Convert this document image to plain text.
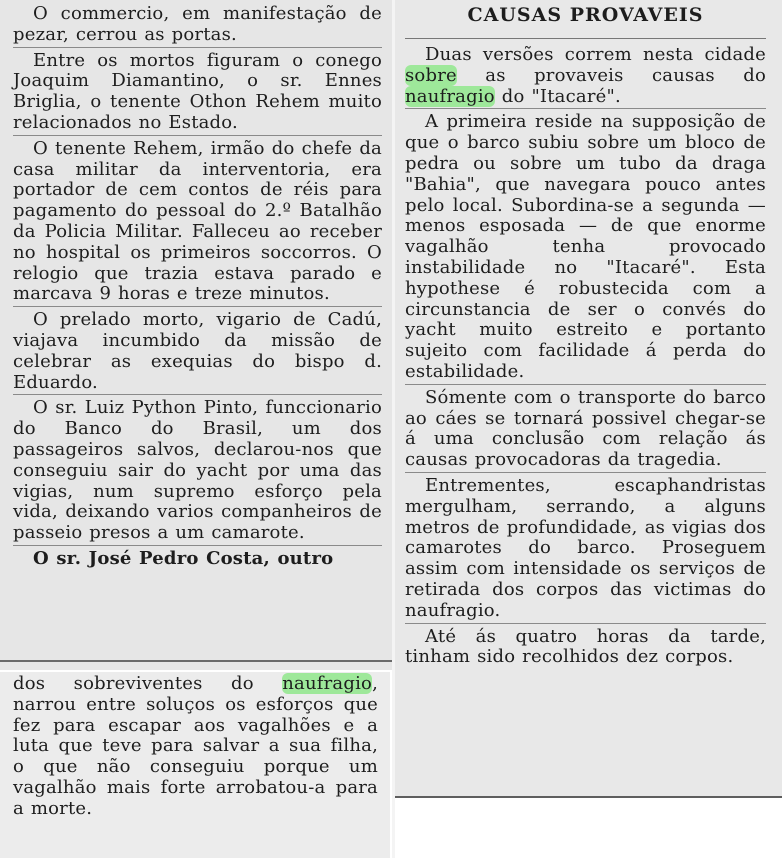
O commercio, em manifestação de pezar, cerrou as portas.

Entre os mortos figuram o conego Joaquim Diamantino, o sr. Ennes Briglia, o tenente Othon Rehem muito relacionados no Estado.

O tenente Rehem, irmão do chefe da casa militar da interventoria, era portador de cem contos de réis para pagamento do pessoal do 2.º Batalhão da Policia Militar. Falleceu ao receber no hospital os primeiros soccorros. O relogio que trazia estava parado e marcava 9 horas e treze minutos.

O prelado morto, vigario de Cadú, viajava incumbido da missão de celebrar as exequias do bispo d. Eduardo.

O sr. Luiz Python Pinto, funccionario do Banco do Brasil, um dos passageiros salvos, declarou-nos que conseguiu sair do yacht por uma das vigias, num supremo esforço pela vida, deixando varios companheiros de passeio presos a um camarote.

O sr. José Pedro Costa, outro

dos sobreviventes do naufragio, narrou entre soluços os esforços que fez para escapar aos vagalhões e a luta que teve para salvar a sua filha, o que não conseguiu porque um vagalhão mais forte arrobatou-a para a morte.

CAUSAS PROVAVEIS

Duas versões correm nesta cidade sobre as provaveis causas do naufragio do "Itacaré".

A primeira reside na supposição de que o barco subiu sobre um bloco de pedra ou sobre um tubo da draga "Bahia", que navegara pouco antes pelo local. Subordina-se a segunda — menos esposada — de que enorme vagalhão tenha provocado instabilidade no "Itacaré". Esta hypothese é robustecida com a circunstancia de ser o convés do yacht muito estreito e portanto sujeito com facilidade á perda do estabilidade.

Sómente com o transporte do barco ao cáes se tornará possivel chegar-se á uma conclusão com relação ás causas provocadoras da tragedia.

Entrementes, escaphandristas mergulham, serrando, a alguns metros de profundidade, as vigias dos camarotes do barco. Proseguem assim com intensidade os serviços de retirada dos corpos das victimas do naufragio.

Até ás quatro horas da tarde, tinham sido recolhidos dez corpos.
